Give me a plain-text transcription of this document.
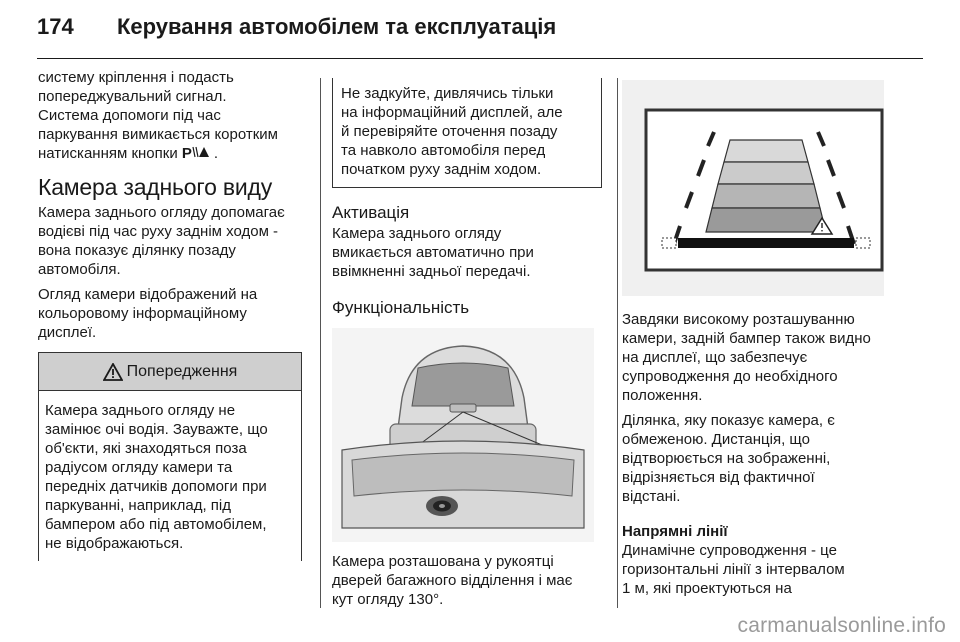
174	Керування автомобілем та експлуатація
систему кріплення і подасть
попереджувальний сигнал.
Система допомоги під час
паркування вимикається коротким
натисканням кнопки P .
Камера заднього виду

Камера заднього огляду допомагає
водієві під час руху заднім ходом -
вона показує ділянку позаду
автомобіля.

Огляд камери відображений на
кольоровому інформаційному
дисплеї.

Попередження
Камера заднього огляду не
замінює очі водія. Зауважте, що
об'єкти, які знаходяться поза
радіусом огляду камери та
передніх датчиків допомоги при
паркуванні, наприклад, під
бампером або під автомобілем,
не відображаються.
Не задкуйте, дивлячись тільки
на інформаційний дисплей, але
й перевіряйте оточення позаду
та навколо автомобіля перед
початком руху заднім ходом.
Активація

Камера заднього огляду
вмикається автоматично при
ввімкненні задньої передачі.

Функціональність

Камера розташована у рукоятці
дверей багажного відділення і має
кут огляду 130°.

Завдяки високому розташуванню
камери, задній бампер також видно
на дисплеї, що забезпечує
супроводження до необхідного
положення.

Ділянка, яку показує камера, є
обмеженою. Дистанція, що
відтворюється на зображенні,
відрізняється від фактичної
відстані.

Напрямні лінії

Динамічне супроводження - це
горизонтальні лінії з інтервалом
1 м, які проектуються на

carmanualsonline.info
